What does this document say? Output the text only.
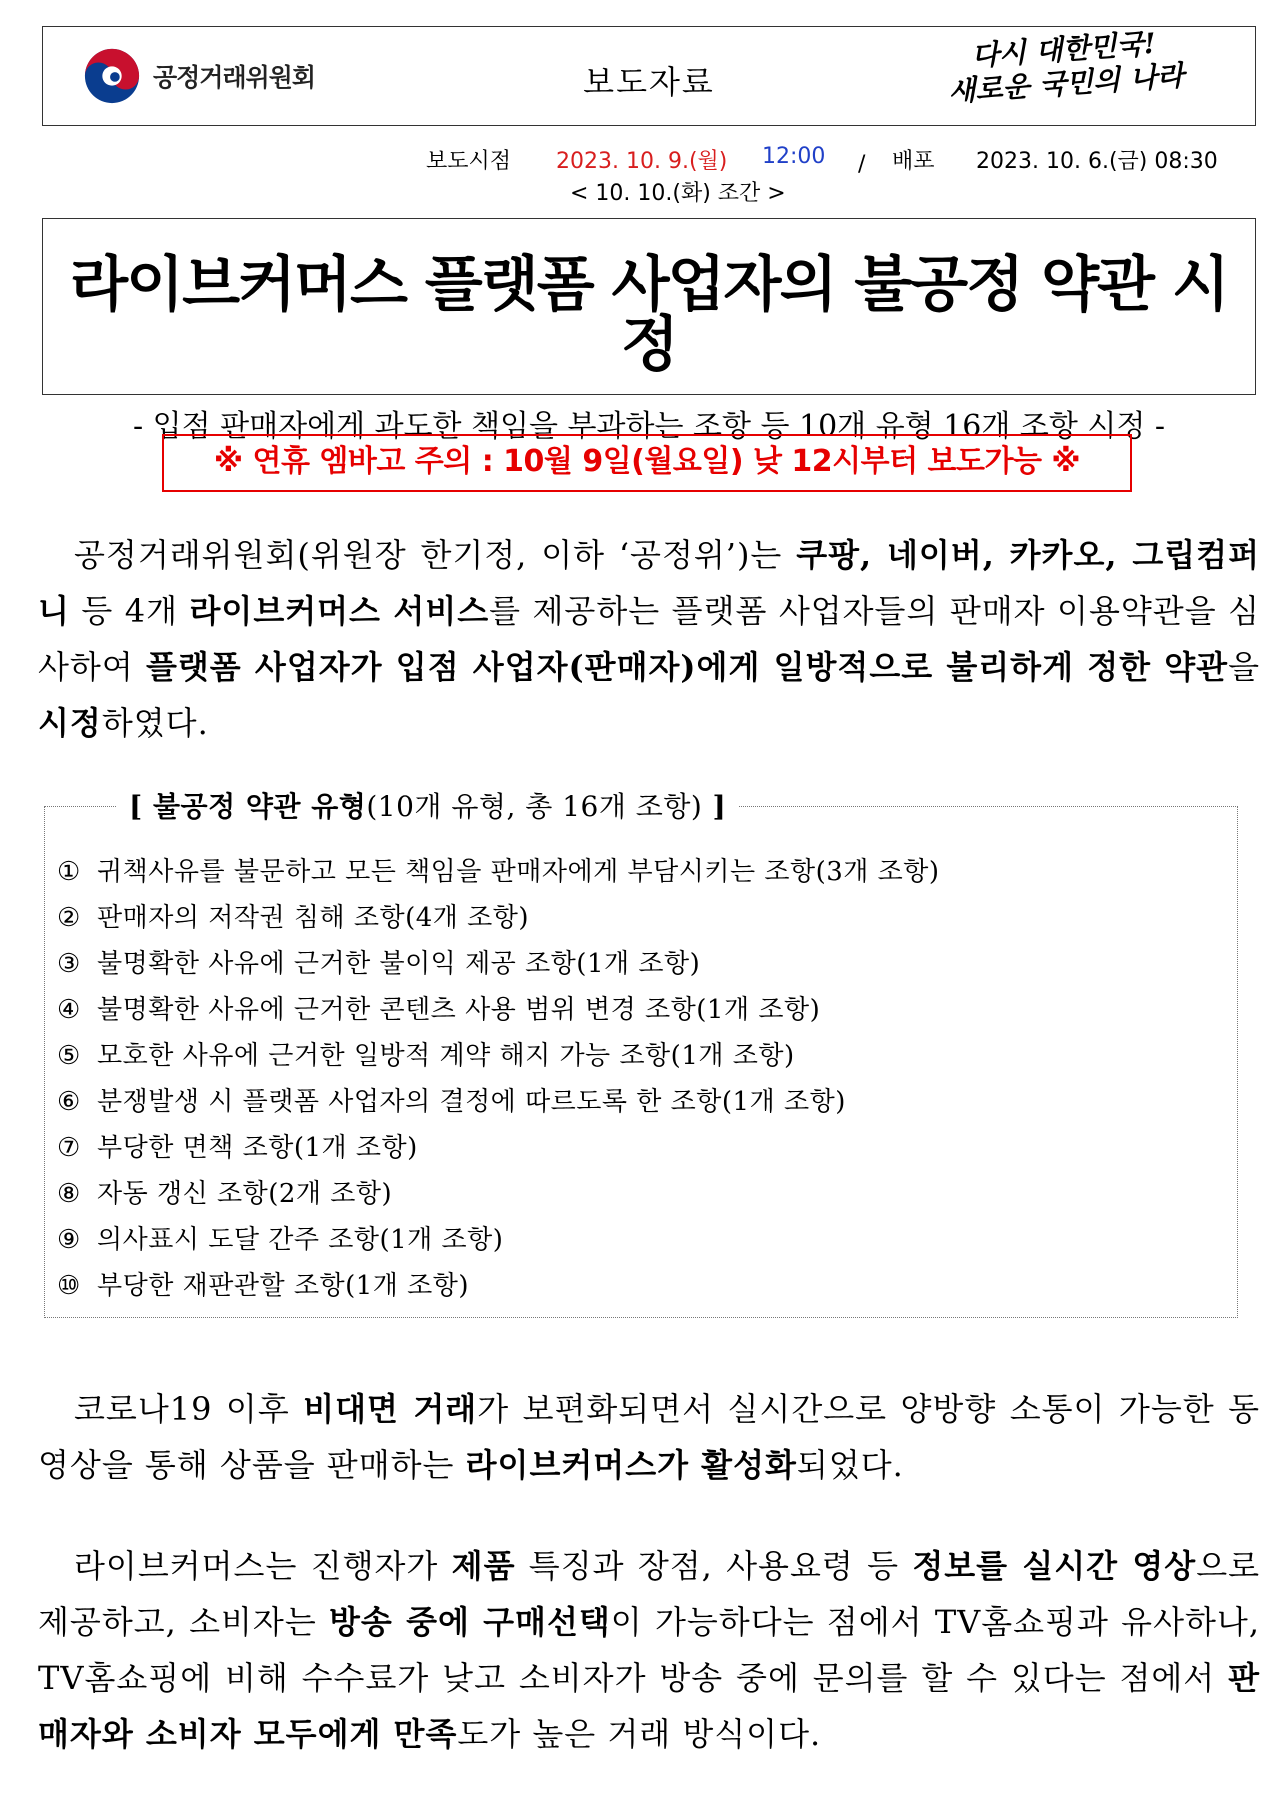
공정거래위원회	보도자료
다시 대한민국!
새로운 국민의 나라
보도시점 2023. 10. 9.(월) 12:00 / 배포 2023. 10. 6.(금) 08:30
< 10. 10.(화) 조간 >
라이브커머스 플랫폼 사업자의 불공정 약관 시정
- 입점 판매자에게 과도한 책임을 부과하는 조항 등 10개 유형 16개 조항 시정 -
※ 연휴 엠바고 주의 : 10월 9일(월요일) 낮 12시부터 보도가능 ※
공정거래위원회(위원장 한기정, 이하 ‘공정위’)는 쿠팡, 네이버, 카카오, 그립컴퍼니 등 4개 라이브커머스 서비스를 제공하는 플랫폼 사업자들의 판매자 이용약관을 심사하여 플랫폼 사업자가 입점 사업자(판매자)에게 일방적으로 불리하게 정한 약관을 시정하였다.
[ 불공정 약관 유형(10개 유형, 총 16개 조항) ]
① 귀책사유를 불문하고 모든 책임을 판매자에게 부담시키는 조항(3개 조항)
② 판매자의 저작권 침해 조항(4개 조항)
③ 불명확한 사유에 근거한 불이익 제공 조항(1개 조항)
④ 불명확한 사유에 근거한 콘텐츠 사용 범위 변경 조항(1개 조항)
⑤ 모호한 사유에 근거한 일방적 계약 해지 가능 조항(1개 조항)
⑥ 분쟁발생 시 플랫폼 사업자의 결정에 따르도록 한 조항(1개 조항)
⑦ 부당한 면책 조항(1개 조항)
⑧ 자동 갱신 조항(2개 조항)
⑨ 의사표시 도달 간주 조항(1개 조항)
⑩ 부당한 재판관할 조항(1개 조항)
코로나19 이후 비대면 거래가 보편화되면서 실시간으로 양방향 소통이 가능한 동영상을 통해 상품을 판매하는 라이브커머스가 활성화되었다.
라이브커머스는 진행자가 제품 특징과 장점, 사용요령 등 정보를 실시간 영상으로 제공하고, 소비자는 방송 중에 구매선택이 가능하다는 점에서 TV홈쇼핑과 유사하나, TV홈쇼핑에 비해 수수료가 낮고 소비자가 방송 중에 문의를 할 수 있다는 점에서 판매자와 소비자 모두에게 만족도가 높은 거래 방식이다.
